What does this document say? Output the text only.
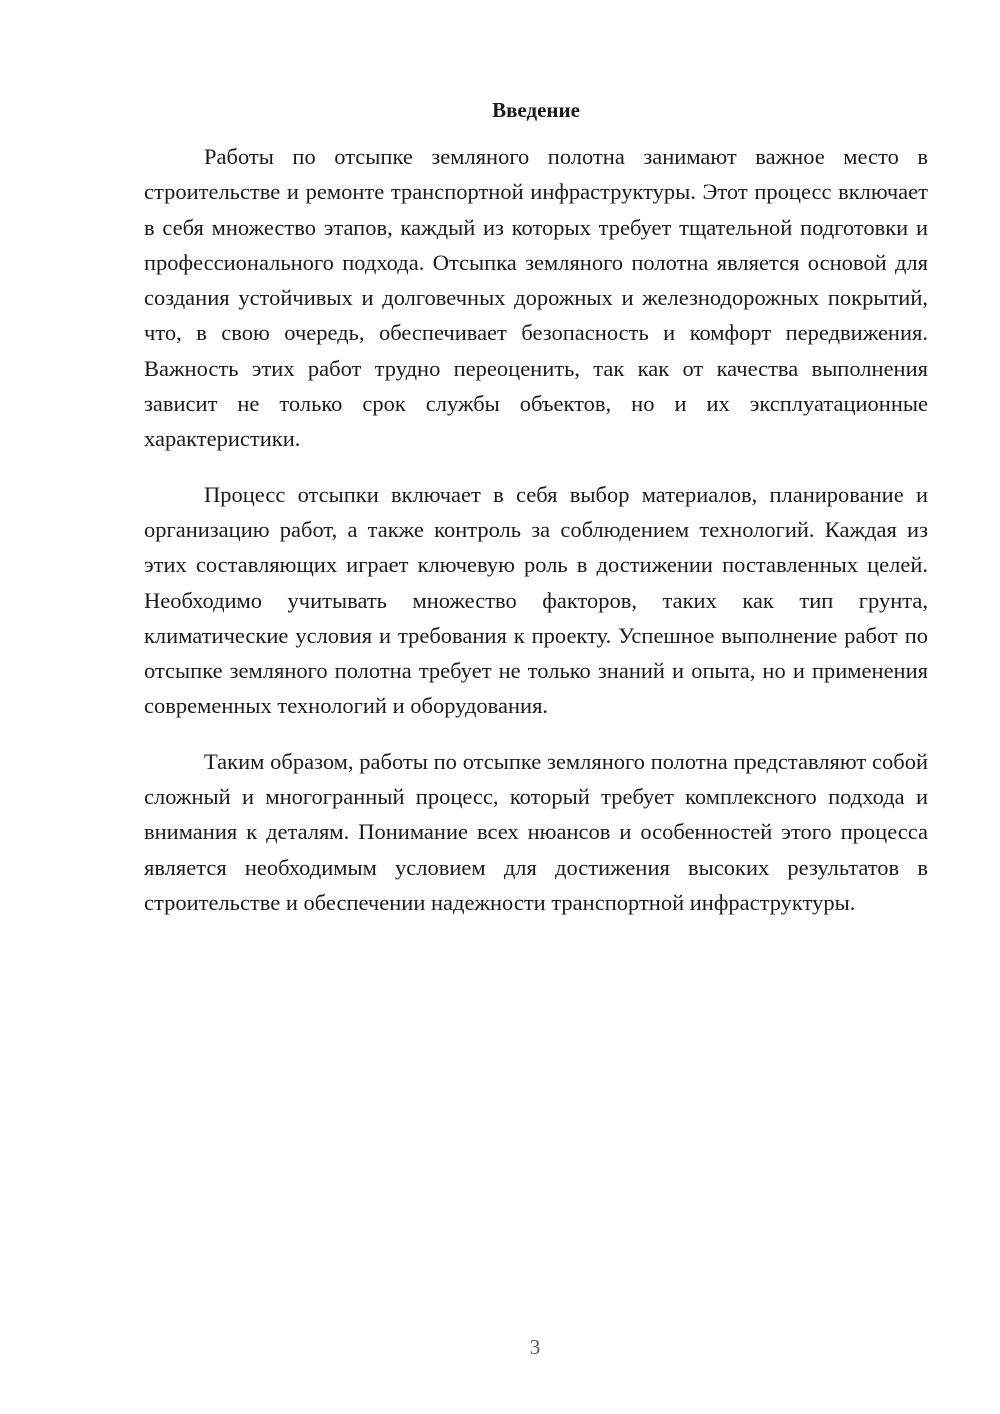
Введение

Работы по отсыпке земляного полотна занимают важное место в строительстве и ремонте транспортной инфраструктуры. Этот процесс включает в себя множество этапов, каждый из которых требует тщательной подготовки и профессионального подхода. Отсыпка земляного полотна является основой для создания устойчивых и долговечных дорожных и железнодорожных покрытий, что, в свою очередь, обеспечивает безопасность и комфорт передвижения. Важность этих работ трудно переоценить, так как от качества выполнения зависит не только срок службы объектов, но и их эксплуатационные характеристики.

Процесс отсыпки включает в себя выбор материалов, планирование и организацию работ, а также контроль за соблюдением технологий. Каждая из этих составляющих играет ключевую роль в достижении поставленных целей. Необходимо учитывать множество факторов, таких как тип грунта, климатические условия и требования к проекту. Успешное выполнение работ по отсыпке земляного полотна требует не только знаний и опыта, но и применения современных технологий и оборудования.

Таким образом, работы по отсыпке земляного полотна представляют собой сложный и многогранный процесс, который требует комплексного подхода и внимания к деталям. Понимание всех нюансов и особенностей этого процесса является необходимым условием для достижения высоких результатов в строительстве и обеспечении надежности транспортной инфраструктуры.

3
